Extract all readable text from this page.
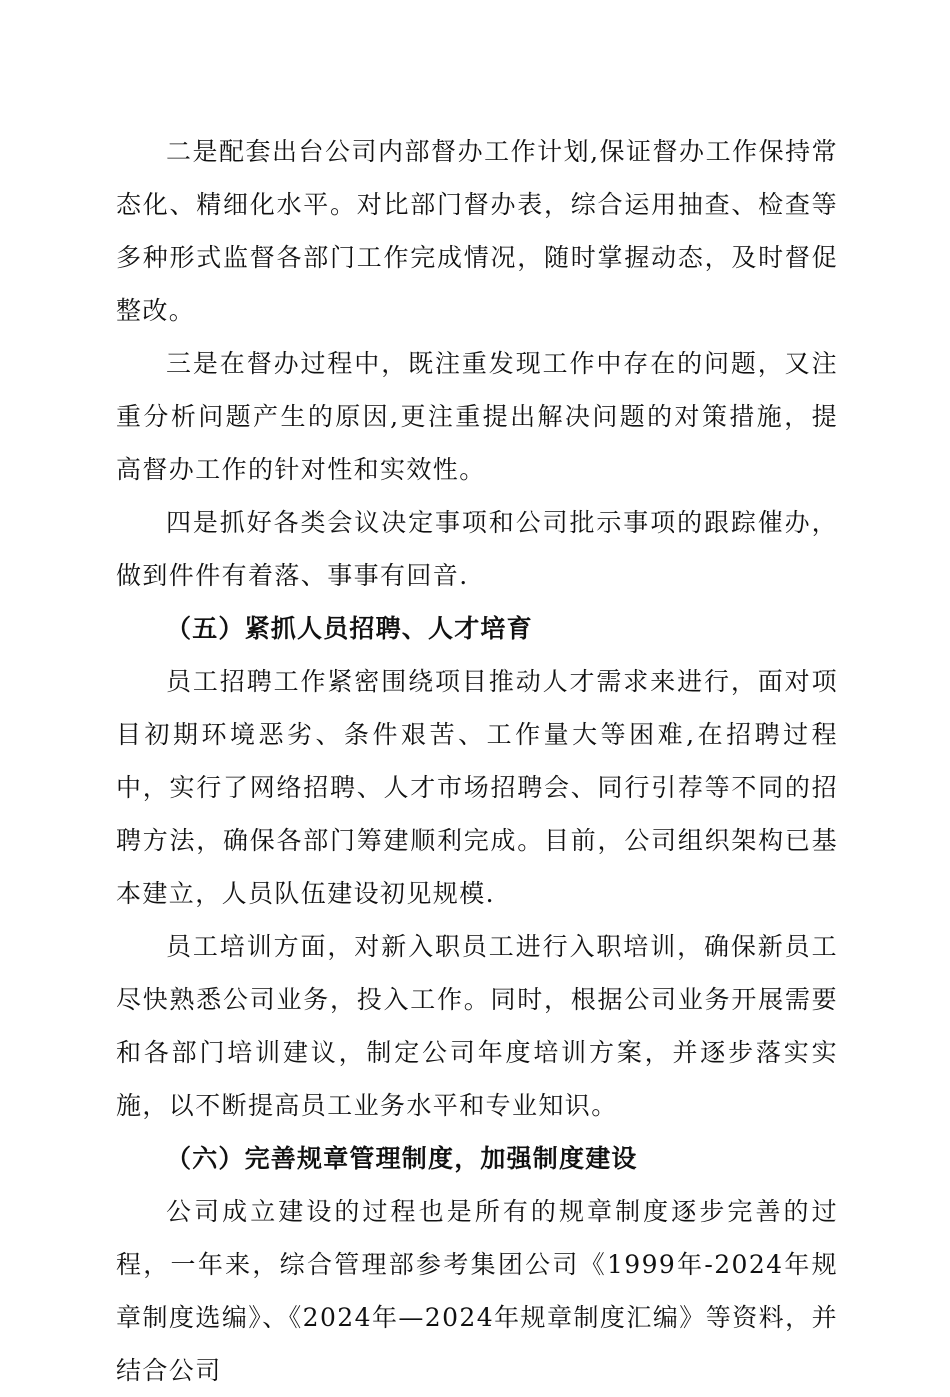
二是配套出台公司内部督办工作计划,保证督办工作保持常态化、精细化水平。对比部门督办表，综合运用抽查、检查等多种形式监督各部门工作完成情况，随时掌握动态，及时督促整改。

三是在督办过程中，既注重发现工作中存在的问题，又注重分析问题产生的原因,更注重提出解决问题的对策措施，提高督办工作的针对性和实效性。

四是抓好各类会议决定事项和公司批示事项的跟踪催办，做到件件有着落、事事有回音.

（五）紧抓人员招聘、人才培育

员工招聘工作紧密围绕项目推动人才需求来进行，面对项目初期环境恶劣、条件艰苦、工作量大等困难,在招聘过程中，实行了网络招聘、人才市场招聘会、同行引荐等不同的招聘方法，确保各部门筹建顺利完成。目前，公司组织架构已基本建立，人员队伍建设初见规模.

员工培训方面，对新入职员工进行入职培训，确保新员工尽快熟悉公司业务，投入工作。同时，根据公司业务开展需要和各部门培训建议，制定公司年度培训方案，并逐步落实实施，以不断提高员工业务水平和专业知识。

（六）完善规章管理制度，加强制度建设

公司成立建设的过程也是所有的规章制度逐步完善的过程，一年来，综合管理部参考集团公司《1999年-2024年规章制度选编》、《2024年—2024年规章制度汇编》等资料，并结合公司
